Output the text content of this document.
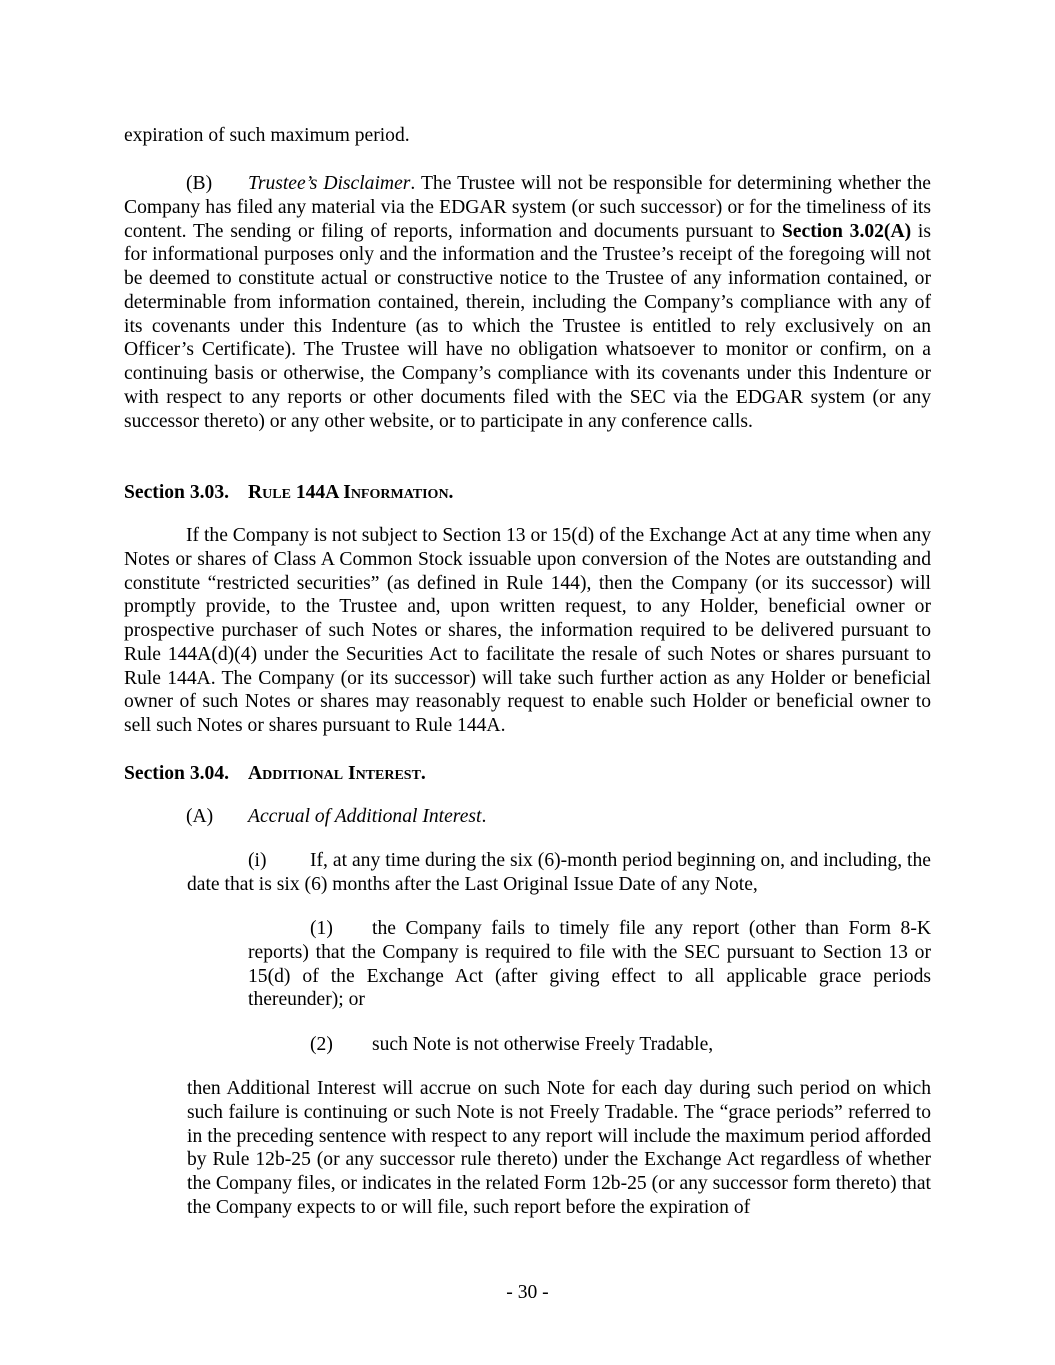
expiration of such maximum period.

(B) Trustee’s Disclaimer. The Trustee will not be responsible for determining whether the Company has filed any material via the EDGAR system (or such successor) or for the timeliness of its content. The sending or filing of reports, information and documents pursuant to Section 3.02(A) is for informational purposes only and the information and the Trustee’s receipt of the foregoing will not be deemed to constitute actual or constructive notice to the Trustee of any information contained, or determinable from information contained, therein, including the Company’s compliance with any of its covenants under this Indenture (as to which the Trustee is entitled to rely exclusively on an Officer’s Certificate). The Trustee will have no obligation whatsoever to monitor or confirm, on a continuing basis or otherwise, the Company’s compliance with its covenants under this Indenture or with respect to any reports or other documents filed with the SEC via the EDGAR system (or any successor thereto) or any other website, or to participate in any conference calls.

Section 3.03. Rule 144A Information.

If the Company is not subject to Section 13 or 15(d) of the Exchange Act at any time when any Notes or shares of Class A Common Stock issuable upon conversion of the Notes are outstanding and constitute “restricted securities” (as defined in Rule 144), then the Company (or its successor) will promptly provide, to the Trustee and, upon written request, to any Holder, beneficial owner or prospective purchaser of such Notes or shares, the information required to be delivered pursuant to Rule 144A(d)(4) under the Securities Act to facilitate the resale of such Notes or shares pursuant to Rule 144A. The Company (or its successor) will take such further action as any Holder or beneficial owner of such Notes or shares may reasonably request to enable such Holder or beneficial owner to sell such Notes or shares pursuant to Rule 144A.

Section 3.04. Additional Interest.

(A) Accrual of Additional Interest.

(i) If, at any time during the six (6)-month period beginning on, and including, the date that is six (6) months after the Last Original Issue Date of any Note,

(1) the Company fails to timely file any report (other than Form 8-K reports) that the Company is required to file with the SEC pursuant to Section 13 or 15(d) of the Exchange Act (after giving effect to all applicable grace periods thereunder); or

(2) such Note is not otherwise Freely Tradable,

then Additional Interest will accrue on such Note for each day during such period on which such failure is continuing or such Note is not Freely Tradable. The “grace periods” referred to in the preceding sentence with respect to any report will include the maximum period afforded by Rule 12b-25 (or any successor rule thereto) under the Exchange Act regardless of whether the Company files, or indicates in the related Form 12b-25 (or any successor form thereto) that the Company expects to or will file, such report before the expiration of

- 30 -
